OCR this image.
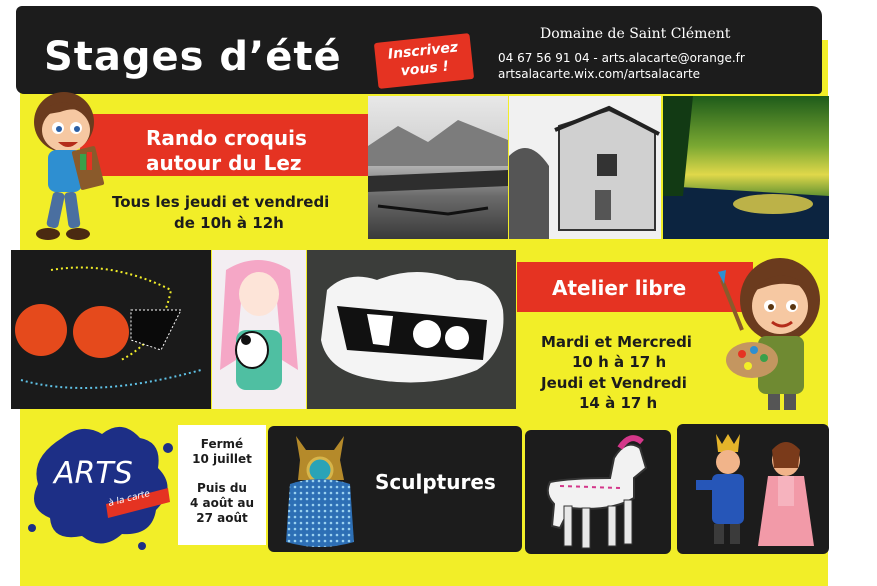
Stages d’été	Inscrivez vous !
Domaine de Saint Clément
04 67 56 91 04 - arts.alacarte@orange.fr
artsalacarte.wix.com/artsalacarte
Rando croquis
autour du Lez
Tous les jeudi et vendredi
de 10h à 12h
Atelier libre
Mardi et Mercredi
10 h à 17 h
Jeudi et Vendredi
14 à 17 h
ARTS
à la carte
Fermé
10 juillet
Puis du
4 août au
27 août
Sculptures
